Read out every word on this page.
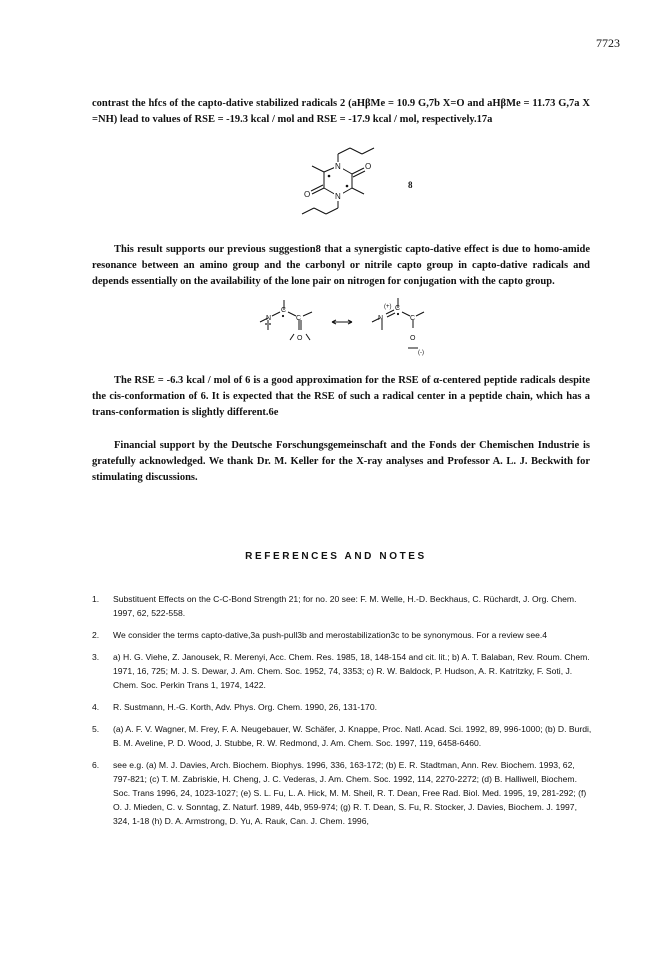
7723
contrast the hfcs of the capto-dative stabilized radicals 2 (aHβMe = 10.9 G,7b X=O and aHβMe = 11.73 G,7a X =NH) lead to values of RSE = -19.3 kcal / mol and RSE = -17.9 kcal / mol, respectively.17a
N
N
O
O
8
This result supports our previous suggestion8 that a synergistic capto-dative effect is due to homo-amide resonance between an amino group and the carbonyl or nitrile capto group in capto-dative radicals and depends essentially on the availability of the lone pair on nitrogen for conjugation with the capto group.
N
C
C
O
N
C
C
O
(+)
(-)
The RSE = -6.3 kcal / mol of 6 is a good approximation for the RSE of α-centered peptide radicals despite the cis-conformation of 6. It is expected that the RSE of such a radical center in a peptide chain, which has a trans-conformation is slightly different.6e
Financial support by the Deutsche Forschungsgemeinschaft and the Fonds der Chemischen Industrie is gratefully acknowledged. We thank Dr. M. Keller for the X-ray analyses and Professor A. L. J. Beckwith for stimulating discussions.
REFERENCES AND NOTES
1. Substituent Effects on the C-C-Bond Strength 21; for no. 20 see: F. M. Welle, H.-D. Beckhaus, C. Rüchardt, J. Org. Chem. 1997, 62, 522-558.
2. We consider the terms capto-dative,3a push-pull3b and merostabilization3c to be synonymous. For a review see.4
3. a) H. G. Viehe, Z. Janousek, R. Merenyi, Acc. Chem. Res. 1985, 18, 148-154 and cit. lit.; b) A. T. Balaban, Rev. Roum. Chem. 1971, 16, 725; M. J. S. Dewar, J. Am. Chem. Soc. 1952, 74, 3353; c) R. W. Baldock, P. Hudson, A. R. Katritzky, F. Soti, J. Chem. Soc. Perkin Trans 1, 1974, 1422.
4. R. Sustmann, H.-G. Korth, Adv. Phys. Org. Chem. 1990, 26, 131-170.
5. (a) A. F. V. Wagner, M. Frey, F. A. Neugebauer, W. Schäfer, J. Knappe, Proc. Natl. Acad. Sci. 1992, 89, 996-1000; (b) D. Burdi, B. M. Aveline, P. D. Wood, J. Stubbe, R. W. Redmond, J. Am. Chem. Soc. 1997, 119, 6458-6460.
6. see e.g. (a) M. J. Davies, Arch. Biochem. Biophys. 1996, 336, 163-172; (b) E. R. Stadtman, Ann. Rev. Biochem. 1993, 62, 797-821; (c) T. M. Zabriskie, H. Cheng, J. C. Vederas, J. Am. Chem. Soc. 1992, 114, 2270-2272; (d) B. Halliwell, Biochem. Soc. Trans 1996, 24, 1023-1027; (e) S. L. Fu, L. A. Hick, M. M. Sheil, R. T. Dean, Free Rad. Biol. Med. 1995, 19, 281-292; (f) O. J. Mieden, C. v. Sonntag, Z. Naturf. 1989, 44b, 959-974; (g) R. T. Dean, S. Fu, R. Stocker, J. Davies, Biochem. J. 1997, 324, 1-18 (h) D. A. Armstrong, D. Yu, A. Rauk, Can. J. Chem. 1996,
